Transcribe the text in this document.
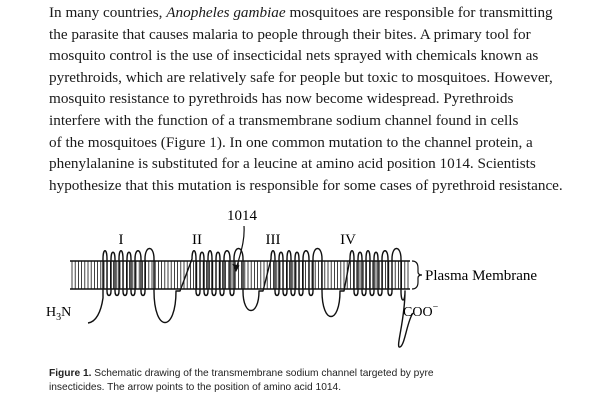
In many countries, Anopheles gambiae mosquitoes are responsible for transmitting
the parasite that causes malaria to people through their bites. A primary tool for
mosquito control is the use of insecticidal nets sprayed with chemicals known as
pyrethroids, which are relatively safe for people but toxic to mosquitoes. However,
mosquito resistance to pyrethroids has now become widespread. Pyrethroids
interfere with the function of a transmembrane sodium channel found in cells
of the mosquitoes (Figure 1). In one common mutation to the channel protein, a
phenylalanine is substituted for a leucine at amino acid position 1014. Scientists
hypothesize that this mutation is responsible for some cases of pyrethroid resistance.
Plasma Membrane
I	II	III	IV
1014
$H_3N$	COO−
Figure 1. Schematic drawing of the transmembrane sodium channel targeted by pyre
insecticides. The arrow points to the position of amino acid 1014.
